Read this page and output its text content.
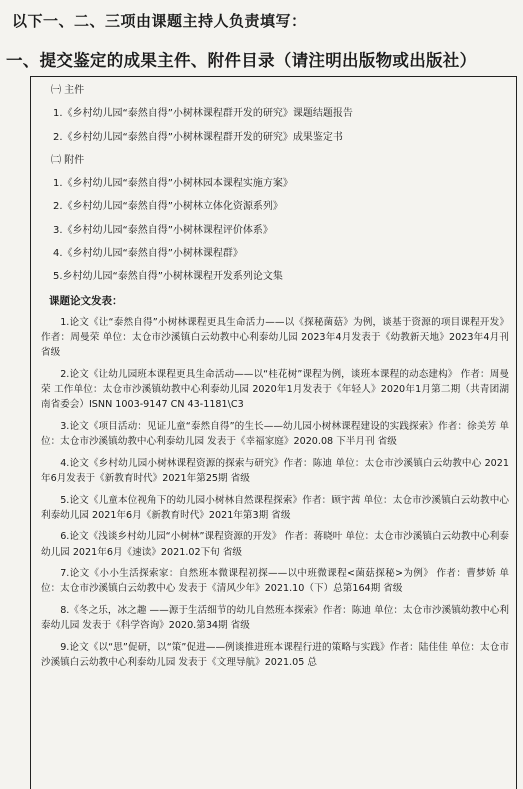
以下一、二、三项由课题主持人负责填写：
一、提交鉴定的成果主件、附件目录（请注明出版物或出版社）
㈠ 主件
1.《乡村幼儿园“泰然自得”小树林课程群开发的研究》课题结题报告
2.《乡村幼儿园“泰然自得”小树林课程群开发的研究》成果鉴定书
㈡ 附件
1.《乡村幼儿园“泰然自得”小树林园本课程实施方案》
2.《乡村幼儿园“泰然自得”小树林立体化资源系列》
3.《乡村幼儿园“泰然自得”小树林课程评价体系》
4.《乡村幼儿园“泰然自得”小树林课程群》
5.乡村幼儿园“泰然自得”小树林课程开发系列论文集
课题论文发表：

1.论文《让“泰然自得”小树林课程更具生命活力——以《探秘菌菇》为例，谈基于资源的项目课程开发》作者：周曼荣 单位：太仓市沙溪镇白云幼教中心利泰幼儿园 2023年4月发表于《幼教新天地》2023年4月刊 省级

2.论文《让幼儿园班本课程更具生命活动——以“桂花树”课程为例，谈班本课程的动态建构》 作者：周曼荣 工作单位：太仓市沙溪镇幼教中心利泰幼儿园 2020年1月发表于《年轻人》2020年1月第二期（共青团湖南省委会）ISNN 1003-9147 CN 43-1181\C3

3.论文《项目活动：见证儿童“泰然自得”的生长——幼儿园小树林课程建设的实践探索》作者：徐美芳 单位：太仓市沙溪镇幼教中心利泰幼儿园 发表于《幸福家庭》2020.08 下半月刊 省级

4.论文《乡村幼儿园小树林课程资源的探索与研究》作者：陈迪 单位：太仓市沙溪镇白云幼教中心 2021年6月发表于《新教育时代》2021年第25期 省级

5.论文《儿童本位视角下的幼儿园小树林自然课程探索》作者：顾宇茜 单位：太仓市沙溪镇白云幼教中心利泰幼儿园 2021年6月《新教育时代》2021年第3期 省级

6.论文《浅谈乡村幼儿园“小树林”课程资源的开发》 作者：蒋晓叶 单位：太仓市沙溪镇白云幼教中心利泰幼儿园 2021年6月《速读》2021.02下旬 省级

7.论文《小小生活探索家：自然班本微课程初探——以中班微课程<菌菇探秘>为例》 作者：曹梦娇 单位：太仓市沙溪镇白云幼教中心 发表于《清风少年》2021.10（下）总第164期 省级

8.《冬之乐，冰之趣 ——源于生活细节的幼儿自然班本探索》作者：陈迪 单位：太仓市沙溪镇幼教中心利泰幼儿园 发表于《科学咨询》2020.第34期 省级

9.论文《以“思”促研，以“策”促进——例谈推进班本课程行进的策略与实践》作者：陆佳佳 单位：太仓市沙溪镇白云幼教中心利泰幼儿园 发表于《文理导航》2021.05 总
